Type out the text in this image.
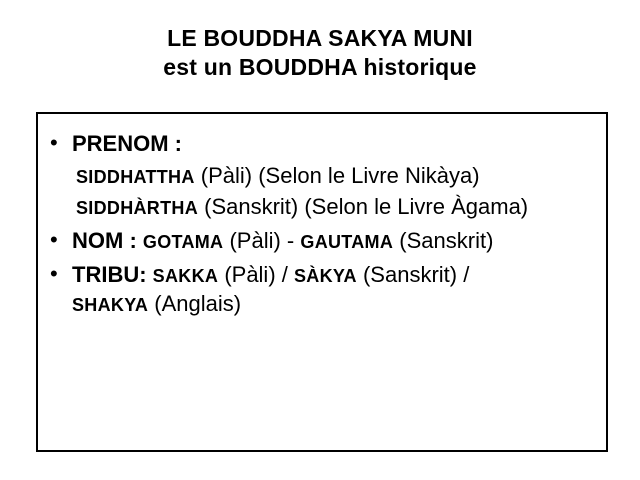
LE BOUDDHA SAKYA MUNI
est un BOUDDHA historique
• PRENOM :
SIDDHATTHA (Pàli) (Selon le Livre Nikàya)
SIDDHÀRTHA (Sanskrit) (Selon le Livre Àgama)
• NOM : GOTAMA (Pàli) - GAUTAMA (Sanskrit)
• TRIBU: SAKKA (Pàli) / SÀKYA (Sanskrit) /
SHAKYA (Anglais)
